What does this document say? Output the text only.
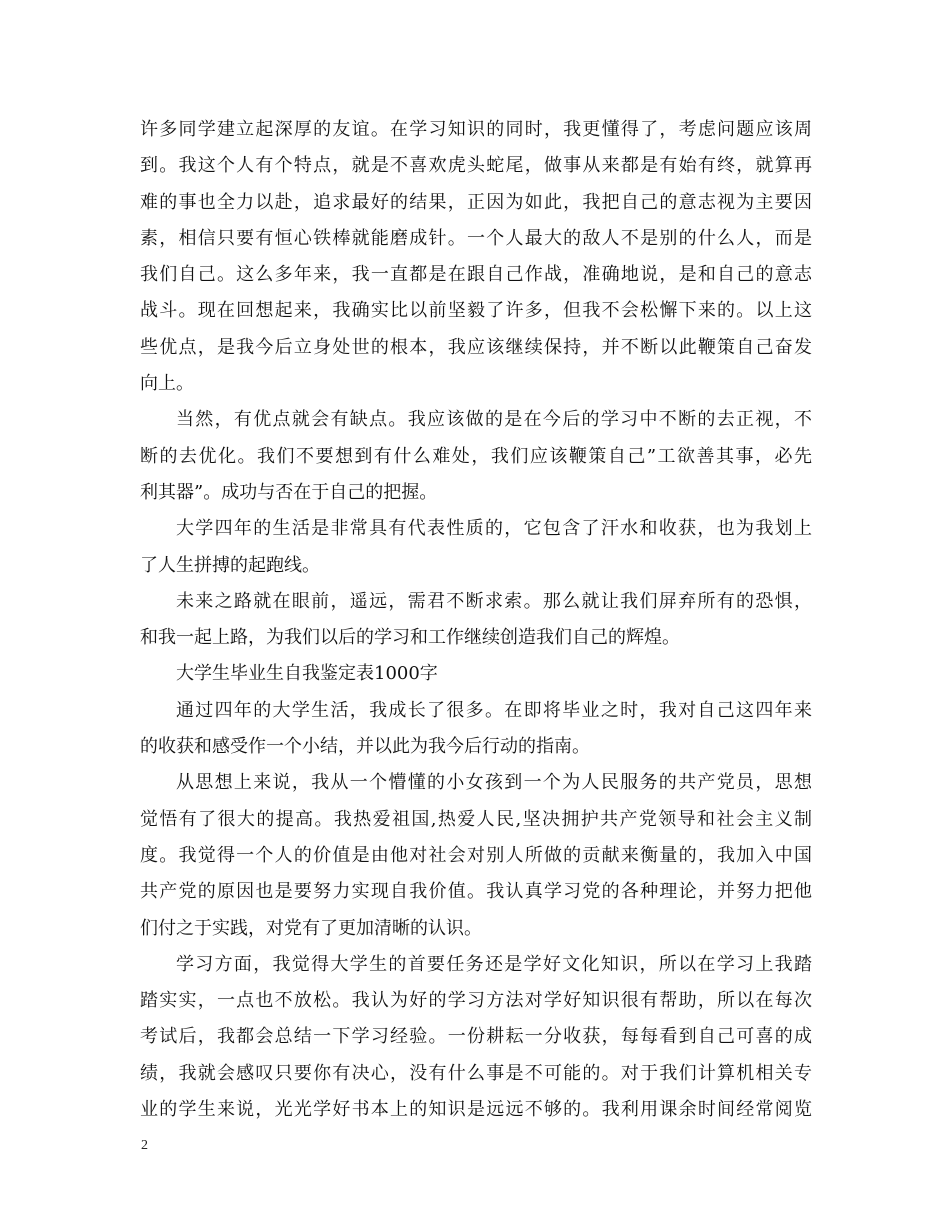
许多同学建立起深厚的友谊。在学习知识的同时，我更懂得了，考虑问题应该周
到。我这个人有个特点，就是不喜欢虎头蛇尾，做事从来都是有始有终，就算再
难的事也全力以赴，追求最好的结果，正因为如此，我把自己的意志视为主要因
素，相信只要有恒心铁棒就能磨成针。一个人最大的敌人不是别的什么人，而是
我们自己。这么多年来，我一直都是在跟自己作战，准确地说，是和自己的意志
战斗。现在回想起来，我确实比以前坚毅了许多，但我不会松懈下来的。以上这
些优点，是我今后立身处世的根本，我应该继续保持，并不断以此鞭策自己奋发
向上。
当然，有优点就会有缺点。我应该做的是在今后的学习中不断的去正视，不
断的去优化。我们不要想到有什么难处，我们应该鞭策自己”工欲善其事，必先
利其器”。成功与否在于自己的把握。
大学四年的生活是非常具有代表性质的，它包含了汗水和收获，也为我划上
了人生拼搏的起跑线。
未来之路就在眼前，遥远，需君不断求索。那么就让我们屏弃所有的恐惧，
和我一起上路，为我们以后的学习和工作继续创造我们自己的辉煌。
大学生毕业生自我鉴定表1000字
通过四年的大学生活，我成长了很多。在即将毕业之时，我对自己这四年来
的收获和感受作一个小结，并以此为我今后行动的指南。
从思想上来说，我从一个懵懂的小女孩到一个为人民服务的共产党员，思想
觉悟有了很大的提高。我热爱祖国,热爱人民,坚决拥护共产党领导和社会主义制
度。我觉得一个人的价值是由他对社会对别人所做的贡献来衡量的，我加入中国
共产党的原因也是要努力实现自我价值。我认真学习党的各种理论，并努力把他
们付之于实践，对党有了更加清晰的认识。
学习方面，我觉得大学生的首要任务还是学好文化知识，所以在学习上我踏
踏实实，一点也不放松。我认为好的学习方法对学好知识很有帮助，所以在每次
考试后，我都会总结一下学习经验。一份耕耘一分收获，每每看到自己可喜的成
绩，我就会感叹只要你有决心，没有什么事是不可能的。对于我们计算机相关专
业的学生来说，光光学好书本上的知识是远远不够的。我利用课余时间经常阅览
2
